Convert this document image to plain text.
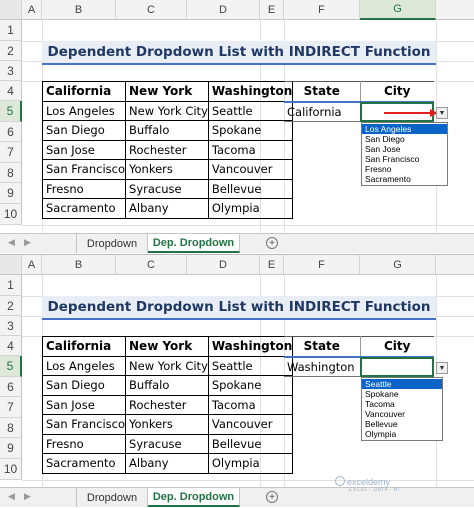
A	B	C	D	E	F	G
1
2
3
4
5
6
7
8
9
10
Dependent Dropdown List with INDIRECT Function
California	New York	Washington
Los Angeles	New York City	Seattle
San Diego	Buffalo	Spokane
San Jose	Rochester	Tacoma
San Francisco	Yonkers	Vancouver
Fresno	Syracuse	Bellevue
Sacramento	Albany	Olympia
State	City
California		▼
Los Angeles
San Diego
San Jose
San Francisco
Fresno
Sacramento
◀ ▶	Dropdown	Dep. Dropdown	+
A	B	C	D	E	F	G
1
2
3
4
5
6
7
8
9
10
Dependent Dropdown List with INDIRECT Function
California	New York	Washington
Los Angeles	New York City	Seattle
San Diego	Buffalo	Spokane
San Jose	Rochester	Tacoma
San Francisco	Yonkers	Vancouver
Fresno	Syracuse	Bellevue
Sacramento	Albany	Olympia
State	City
Washington		▼
Seattle
Spokane
Tacoma
Vancouver
Bellevue
Olympia
◀ ▶	Dropdown	Dep. Dropdown	+
exceldemy
EXCEL · DATA · BI
